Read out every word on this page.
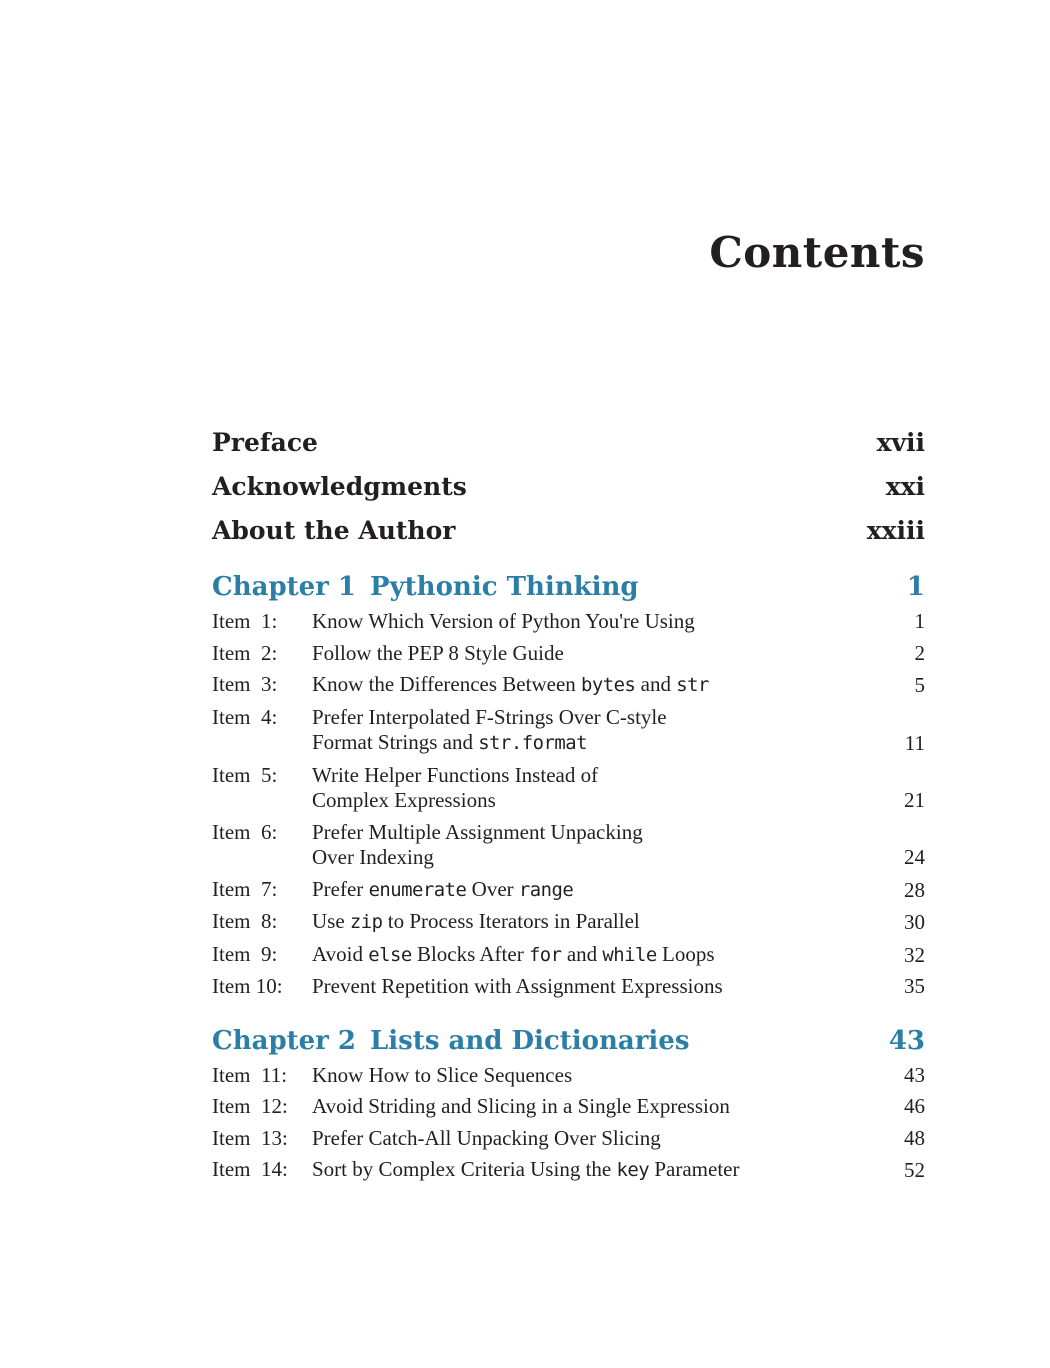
Contents
Preface	xvii
Acknowledgments	xxi
About the Author	xxiii
Chapter 1 Pythonic Thinking	1
Item  1:	Know Which Version of Python You're Using	1
Item  2:	Follow the PEP 8 Style Guide	2
Item  3:	Know the Differences Between bytes and str	5
Item  4:	Prefer Interpolated F-Strings Over C-style
Format Strings and str.format	11
Item  5:	Write Helper Functions Instead of
Complex Expressions	21
Item  6:	Prefer Multiple Assignment Unpacking
Over Indexing	24
Item  7:	Prefer enumerate Over range	28
Item  8:	Use zip to Process Iterators in Parallel	30
Item  9:	Avoid else Blocks After for and while Loops	32
Item 10:	Prevent Repetition with Assignment Expressions	35
Chapter 2 Lists and Dictionaries	43
Item  11:	Know How to Slice Sequences	43
Item  12:	Avoid Striding and Slicing in a Single Expression	46
Item  13:	Prefer Catch-All Unpacking Over Slicing	48
Item  14:	Sort by Complex Criteria Using the key Parameter	52
